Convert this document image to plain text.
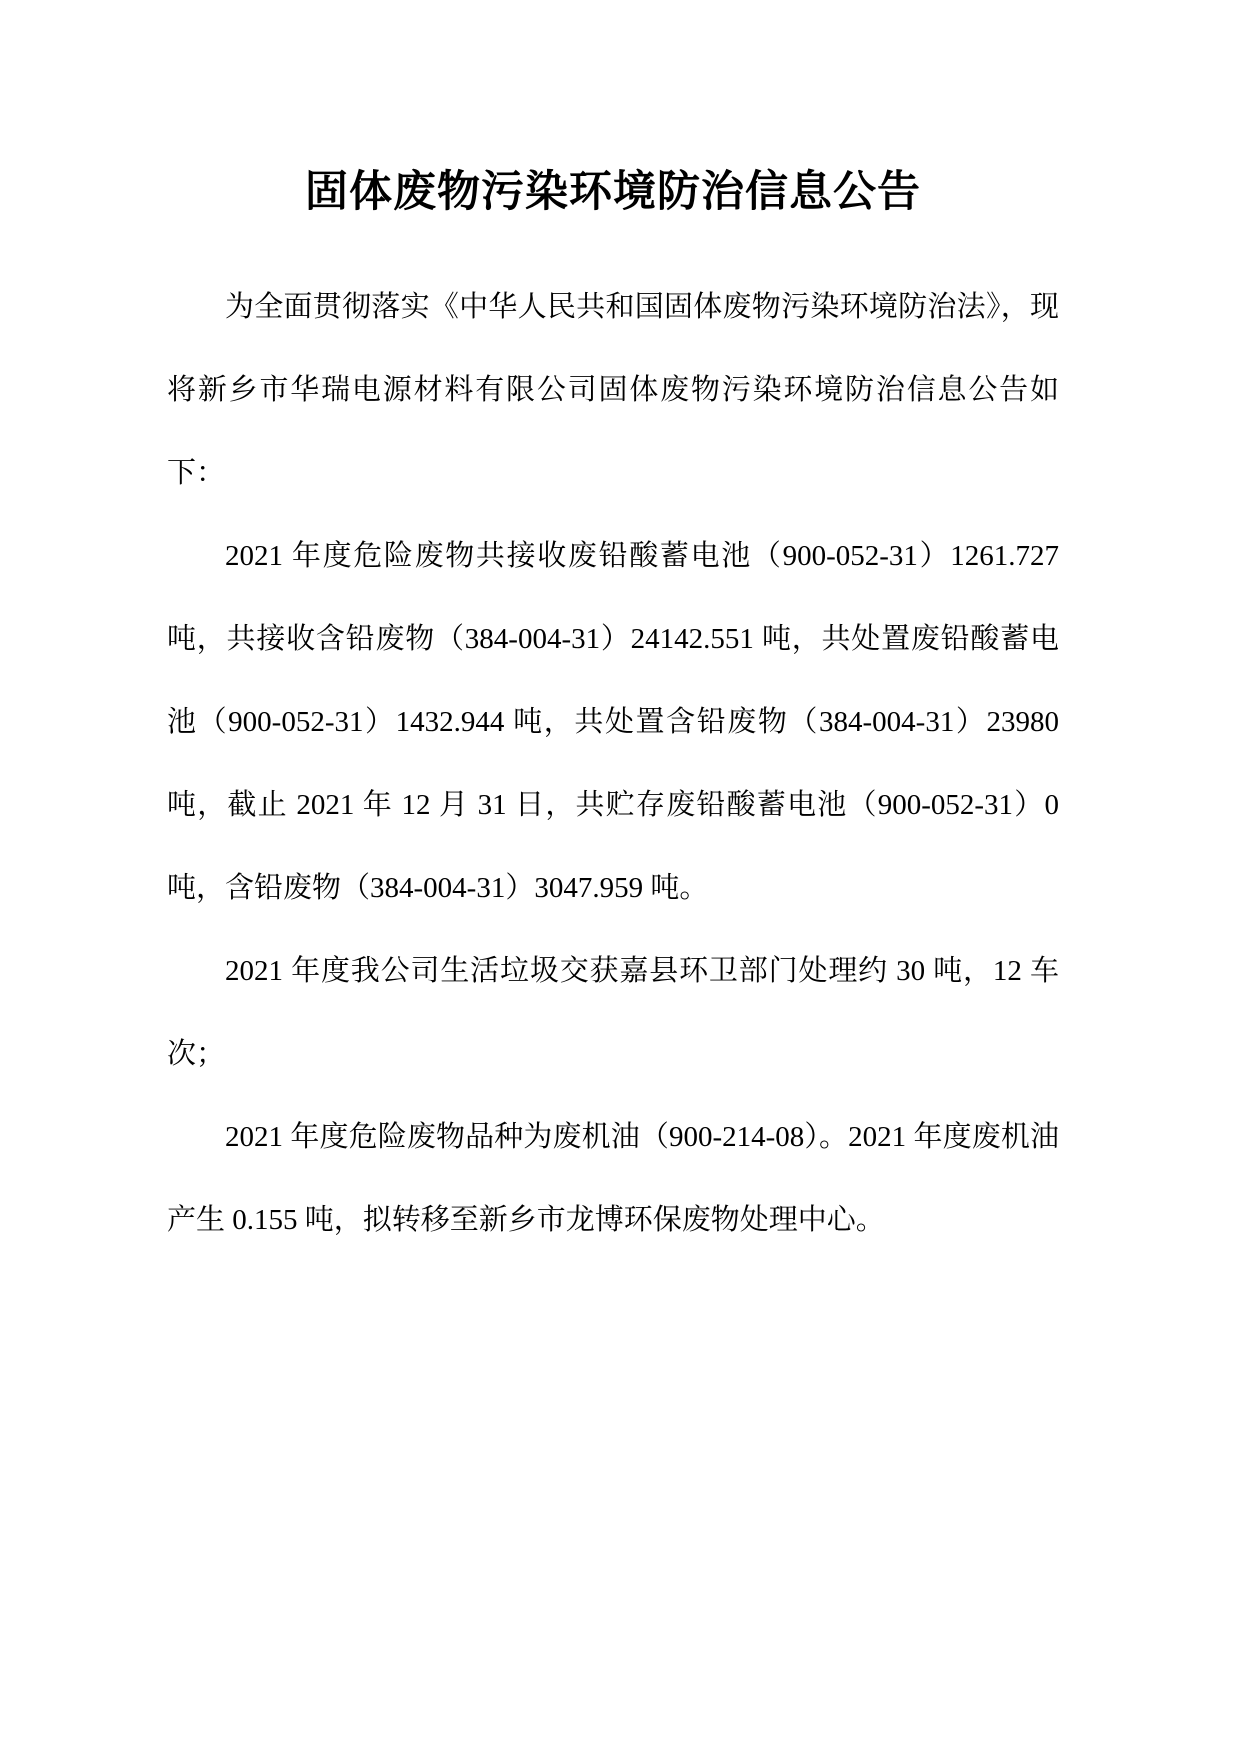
固体废物污染环境防治信息公告

为全面贯彻落实《中华人民共和国固体废物污染环境防治法》，现将新乡市华瑞电源材料有限公司固体废物污染环境防治信息公告如下：

2021 年度危险废物共接收废铅酸蓄电池（900-052-31）1261.727 吨，共接收含铅废物（384-004-31）24142.551 吨，共处置废铅酸蓄电池（900-052-31）1432.944 吨，共处置含铅废物（384-004-31）23980 吨，截止 2021 年 12 月 31 日，共贮存废铅酸蓄电池（900-052-31）0 吨，含铅废物（384-004-31）3047.959 吨。

2021 年度我公司生活垃圾交获嘉县环卫部门处理约 30 吨，12 车次；

2021 年度危险废物品种为废机油（900-214-08）。2021 年度废机油产生 0.155 吨，拟转移至新乡市龙博环保废物处理中心。
